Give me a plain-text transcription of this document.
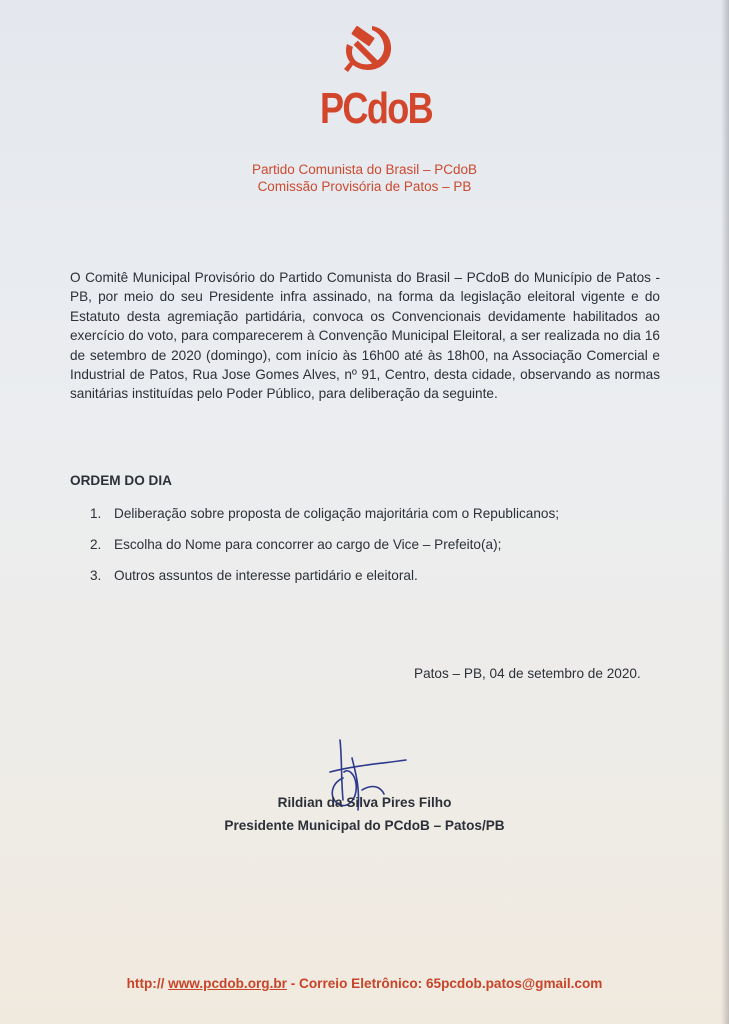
PCdoB
Partido Comunista do Brasil – PCdoB
Comissão Provisória de Patos – PB
O Comitê Municipal Provisório do Partido Comunista do Brasil – PCdoB do Município de Patos - PB, por meio do seu Presidente infra assinado, na forma da legislação eleitoral vigente e do Estatuto desta agremiação partidária, convoca os Convencionais devidamente habilitados ao exercício do voto, para comparecerem à Convenção Municipal Eleitoral, a ser realizada no dia 16 de setembro de 2020 (domingo), com início às 16h00 até às 18h00, na Associação Comercial e Industrial de Patos, Rua Jose Gomes Alves, nº 91, Centro, desta cidade, observando as normas sanitárias instituídas pelo Poder Público, para deliberação da seguinte.
ORDEM DO DIA
1. Deliberação sobre proposta de coligação majoritária com o Republicanos;
2. Escolha do Nome para concorrer ao cargo de Vice – Prefeito(a);
3. Outros assuntos de interesse partidário e eleitoral.
Patos – PB, 04 de setembro de 2020.
Rildian da Silva Pires Filho
Presidente Municipal do PCdoB – Patos/PB
http:// www.pcdob.org.br - Correio Eletrônico: 65pcdob.patos@gmail.com
